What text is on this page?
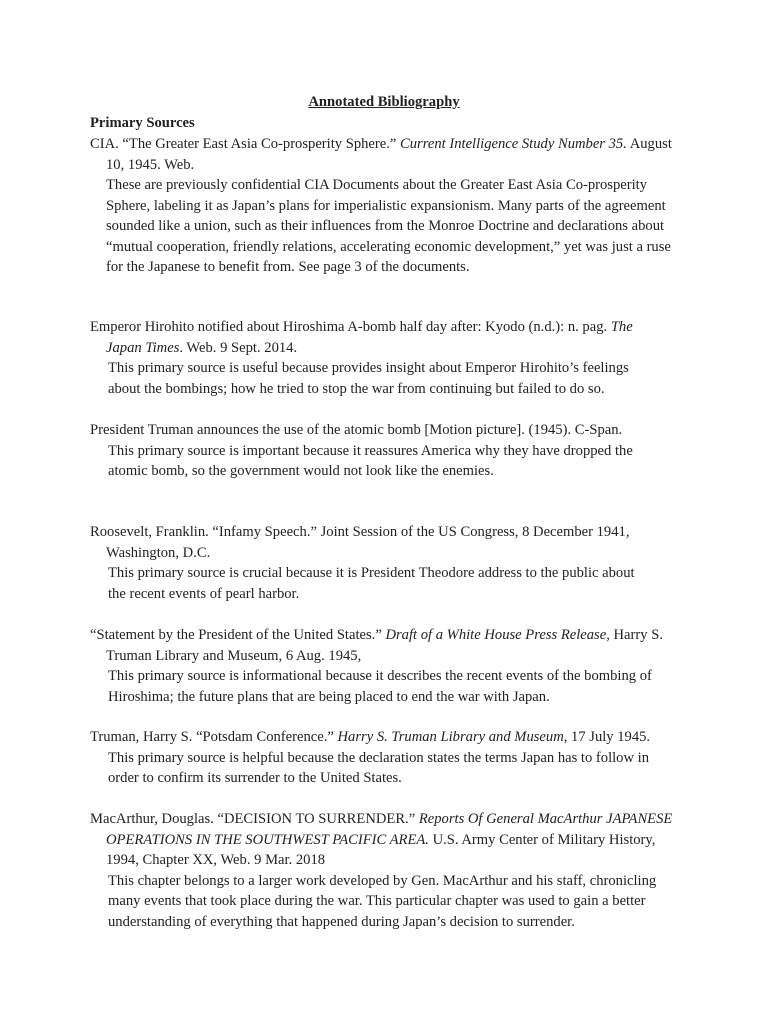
Annotated Bibliography
Primary Sources
CIA. “The Greater East Asia Co-prosperity Sphere.” Current Intelligence Study Number 35. August 10, 1945. Web.
These are previously confidential CIA Documents about the Greater East Asia Co-prosperity Sphere, labeling it as Japan’s plans for imperialistic expansionism. Many parts of the agreement sounded like a union, such as their influences from the Monroe Doctrine and declarations about “mutual cooperation, friendly relations, accelerating economic development,” yet was just a ruse for the Japanese to benefit from. See page 3 of the documents.
Emperor Hirohito notified about Hiroshima A-bomb half day after: Kyodo (n.d.): n. pag. The Japan Times. Web. 9 Sept. 2014.
This primary source is useful because provides insight about Emperor Hirohito’s feelings about the bombings; how he tried to stop the war from continuing but failed to do so.
President Truman announces the use of the atomic bomb [Motion picture]. (1945). C-Span.
This primary source is important because it reassures America why they have dropped the atomic bomb, so the government would not look like the enemies.
Roosevelt, Franklin. “Infamy Speech.” Joint Session of the US Congress, 8 December 1941, Washington, D.C.
This primary source is crucial because it is President Theodore address to the public about the recent events of pearl harbor.
“Statement by the President of the United States.” Draft of a White House Press Release, Harry S. Truman Library and Museum, 6 Aug. 1945,
This primary source is informational because it describes the recent events of the bombing of Hiroshima; the future plans that are being placed to end the war with Japan.
Truman, Harry S. “Potsdam Conference.” Harry S. Truman Library and Museum, 17 July 1945.
This primary source is helpful because the declaration states the terms Japan has to follow in order to confirm its surrender to the United States.
MacArthur, Douglas. “DECISION TO SURRENDER.” Reports Of General MacArthur JAPANESE OPERATIONS IN THE SOUTHWEST PACIFIC AREA. U.S. Army Center of Military History, 1994, Chapter XX, Web. 9 Mar. 2018
This chapter belongs to a larger work developed by Gen. MacArthur and his staff, chronicling many events that took place during the war. This particular chapter was used to gain a better understanding of everything that happened during Japan’s decision to surrender.
